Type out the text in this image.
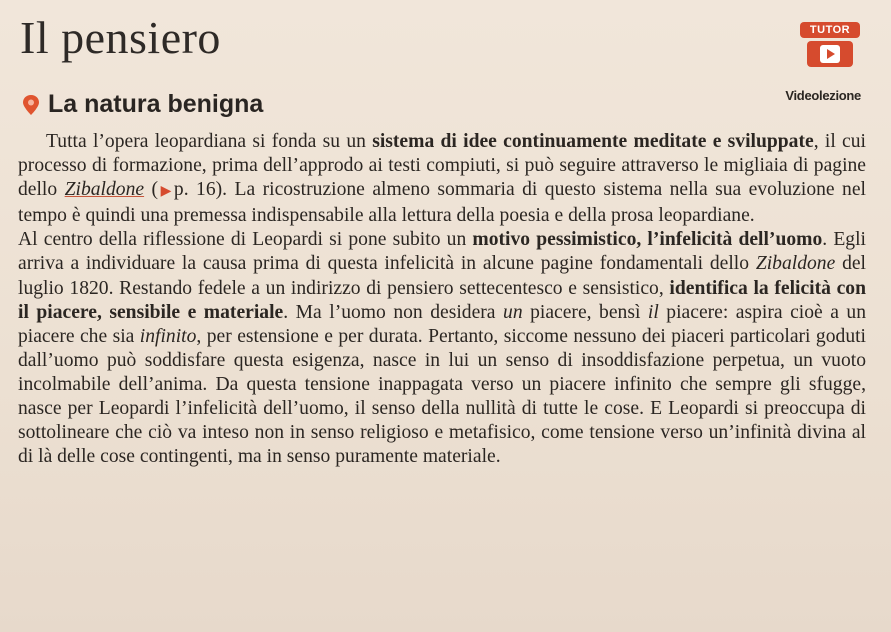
Il pensiero	TUTOR
Videolezione
La natura benigna

Tutta l’opera leopardiana si fonda su un sistema di idee continuamente meditate e sviluppate, il cui processo di formazione, prima dell’approdo ai testi compiuti, si può seguire attraverso le migliaia di pagine dello Zibaldone (▶p. 16). La ricostruzione almeno sommaria di questo sistema nella sua evoluzione nel tempo è quindi una premessa indispensabile alla lettura della poesia e della prosa leopardiane.

Al centro della riflessione di Leopardi si pone subito un motivo pessimistico, l’infelicità dell’uomo. Egli arriva a individuare la causa prima di questa infelicità in alcune pagine fondamentali dello Zibaldone del luglio 1820. Restando fedele a un indirizzo di pensiero settecentesco e sensistico, identifica la felicità con il piacere, sensibile e materiale. Ma l’uomo non desidera un piacere, bensì il piacere: aspira cioè a un piacere che sia infinito, per estensione e per durata. Pertanto, siccome nessuno dei piaceri particolari goduti dall’uomo può soddisfare questa esigenza, nasce in lui un senso di insoddisfazione perpetua, un vuoto incolmabile dell’anima. Da questa tensione inappagata verso un piacere infinito che sempre gli sfugge, nasce per Leopardi l’infelicità dell’uomo, il senso della nullità di tutte le cose. E Leopardi si preoccupa di sottolineare che ciò va inteso non in senso religioso e metafisico, come tensione verso un’infinità divina al di là delle cose contingenti, ma in senso puramente materiale.
